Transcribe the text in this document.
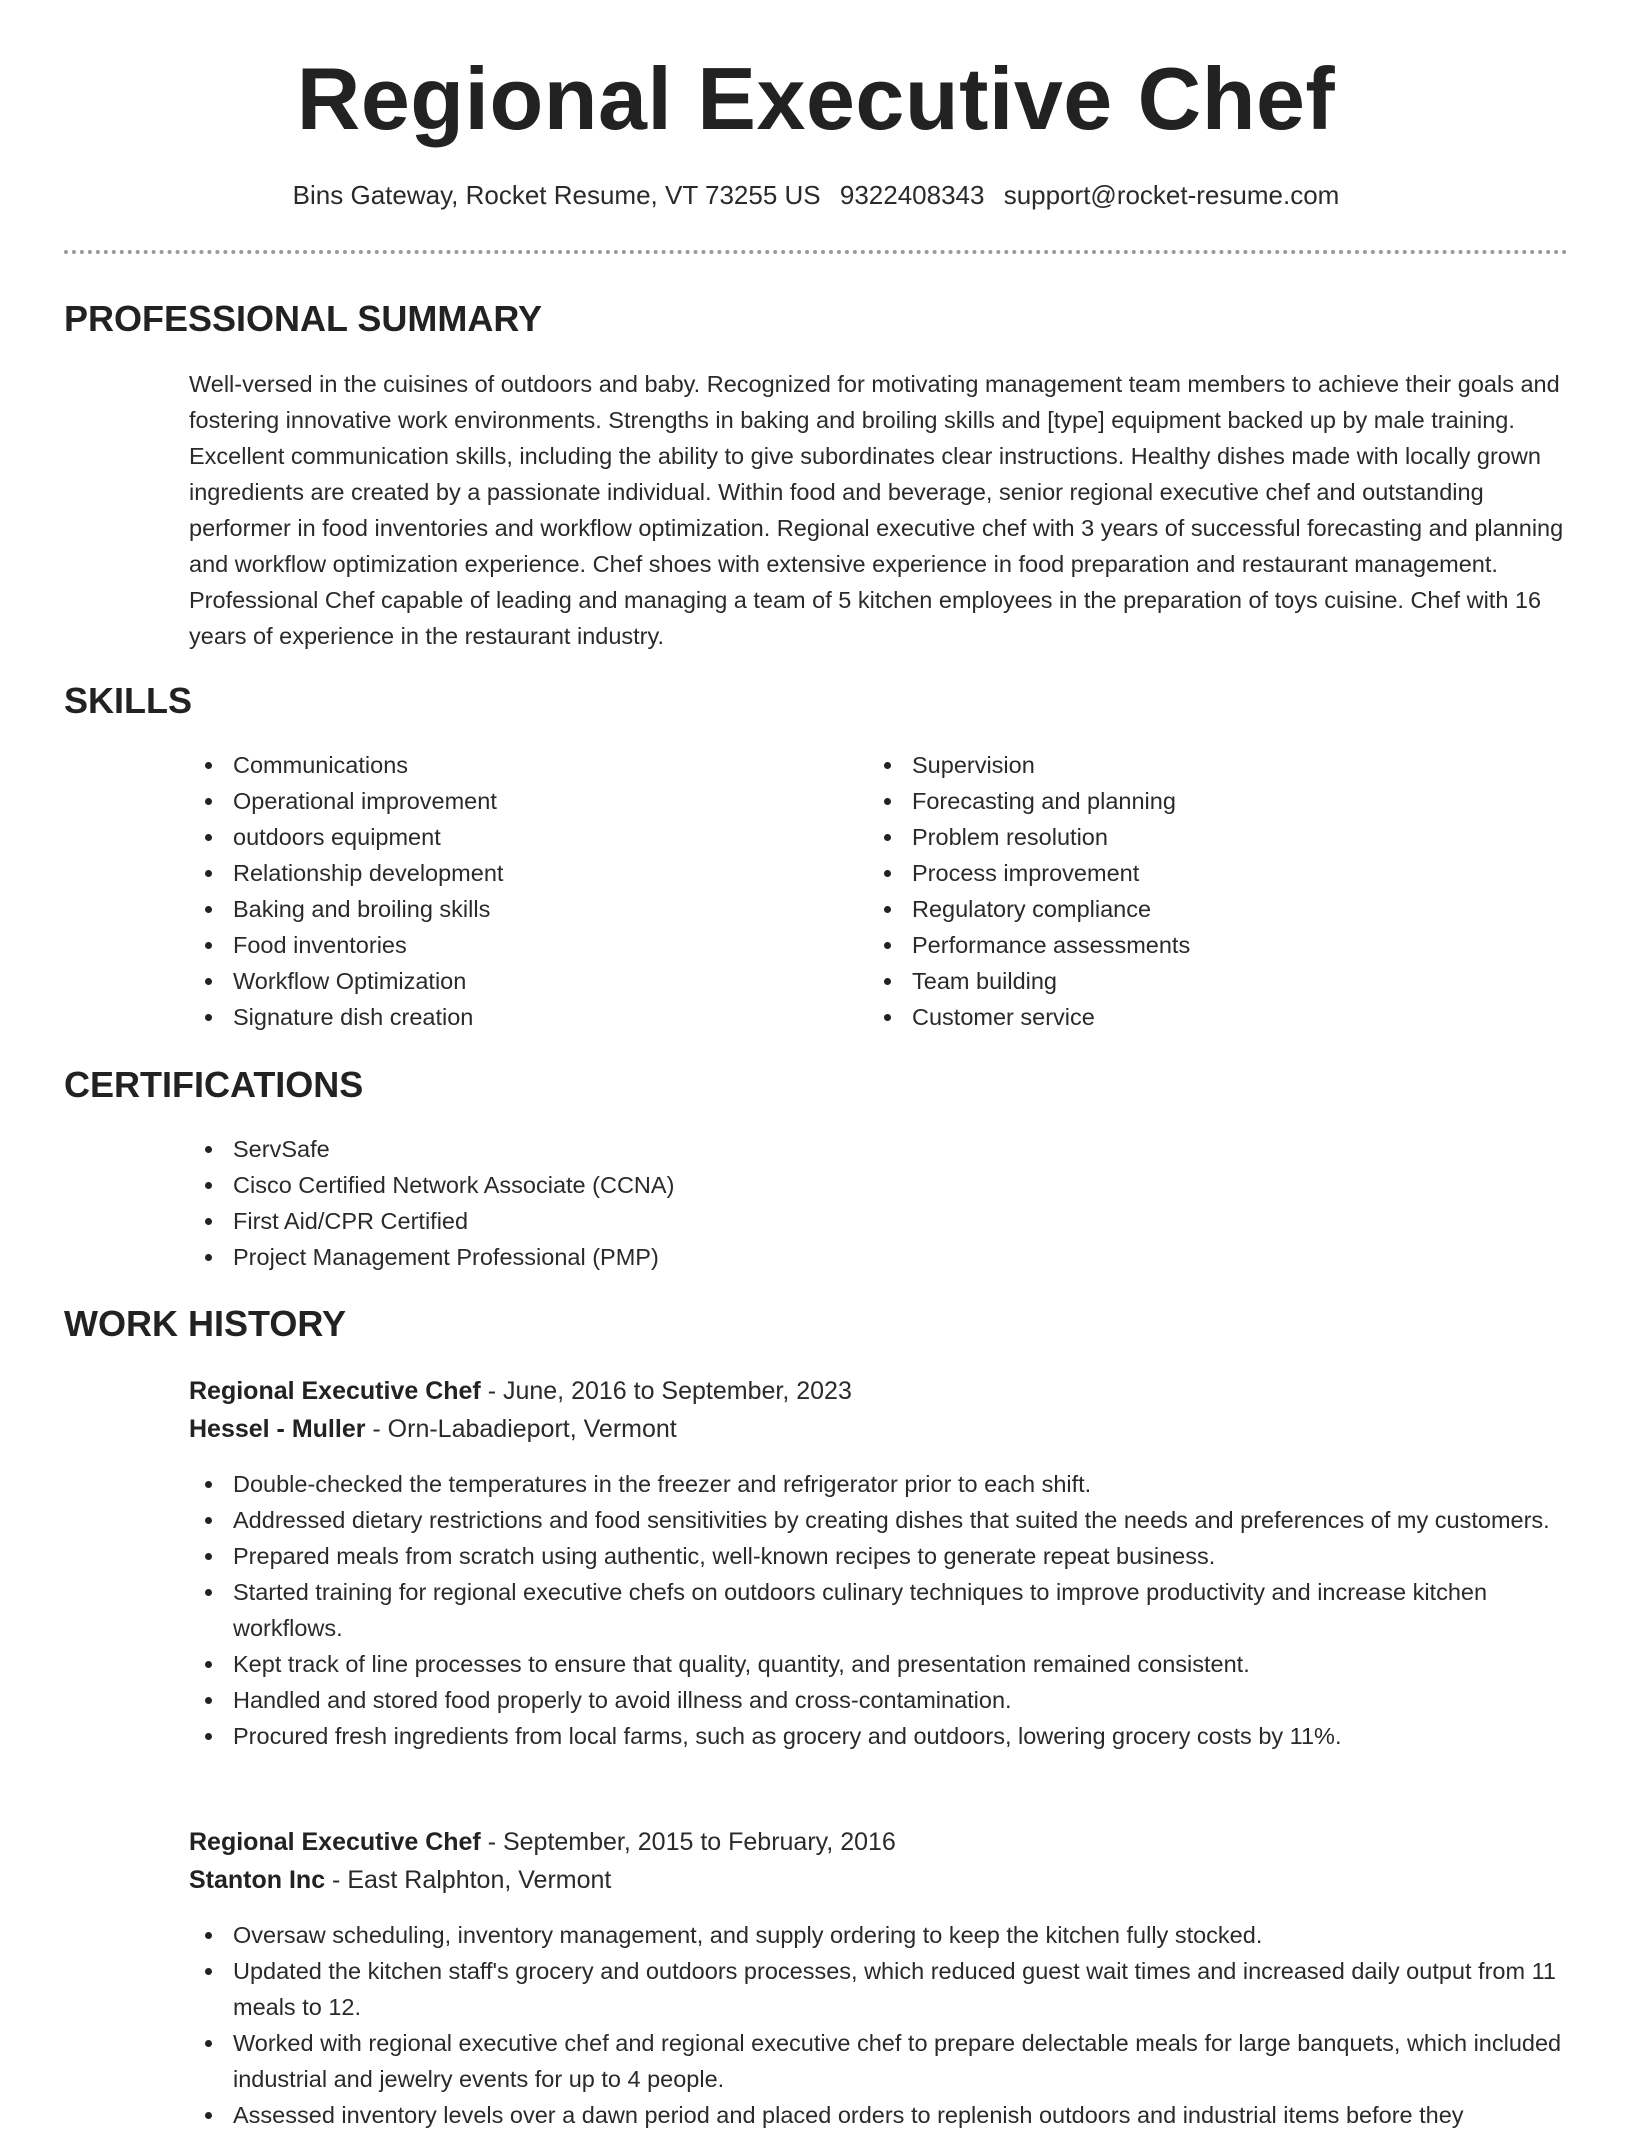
Regional Executive Chef
Bins Gateway, Rocket Resume, VT 73255 US 9322408343 support@rocket-resume.com
PROFESSIONAL SUMMARY

Well-versed in the cuisines of outdoors and baby. Recognized for motivating management team members to achieve their goals and fostering innovative work environments. Strengths in baking and broiling skills and [type] equipment backed up by male training. Excellent communication skills, including the ability to give subordinates clear instructions. Healthy dishes made with locally grown ingredients are created by a passionate individual. Within food and beverage, senior regional executive chef and outstanding performer in food inventories and workflow optimization. Regional executive chef with 3 years of successful forecasting and planning and workflow optimization experience. Chef shoes with extensive experience in food preparation and restaurant management. Professional Chef capable of leading and managing a team of 5 kitchen employees in the preparation of toys cuisine. Chef with 16 years of experience in the restaurant industry.

SKILLS
Communications
Operational improvement
outdoors equipment
Relationship development
Baking and broiling skills
Food inventories
Workflow Optimization
Signature dish creation
Supervision
Forecasting and planning
Problem resolution
Process improvement
Regulatory compliance
Performance assessments
Team building
Customer service
CERTIFICATIONS
ServSafe
Cisco Certified Network Associate (CCNA)
First Aid/CPR Certified
Project Management Professional (PMP)
WORK HISTORY
Regional Executive Chef - June, 2016 to September, 2023
Hessel - Muller - Orn-Labadieport, Vermont
Double-checked the temperatures in the freezer and refrigerator prior to each shift.
Addressed dietary restrictions and food sensitivities by creating dishes that suited the needs and preferences of my customers.
Prepared meals from scratch using authentic, well-known recipes to generate repeat business.
Started training for regional executive chefs on outdoors culinary techniques to improve productivity and increase kitchen workflows.
Kept track of line processes to ensure that quality, quantity, and presentation remained consistent.
Handled and stored food properly to avoid illness and cross-contamination.
Procured fresh ingredients from local farms, such as grocery and outdoors, lowering grocery costs by 11%.
Regional Executive Chef - September, 2015 to February, 2016
Stanton Inc - East Ralphton, Vermont
Oversaw scheduling, inventory management, and supply ordering to keep the kitchen fully stocked.
Updated the kitchen staff's grocery and outdoors processes, which reduced guest wait times and increased daily output from 11 meals to 12.
Worked with regional executive chef and regional executive chef to prepare delectable meals for large banquets, which included industrial and jewelry events for up to 4 people.
Assessed inventory levels over a dawn period and placed orders to replenish outdoors and industrial items before they
